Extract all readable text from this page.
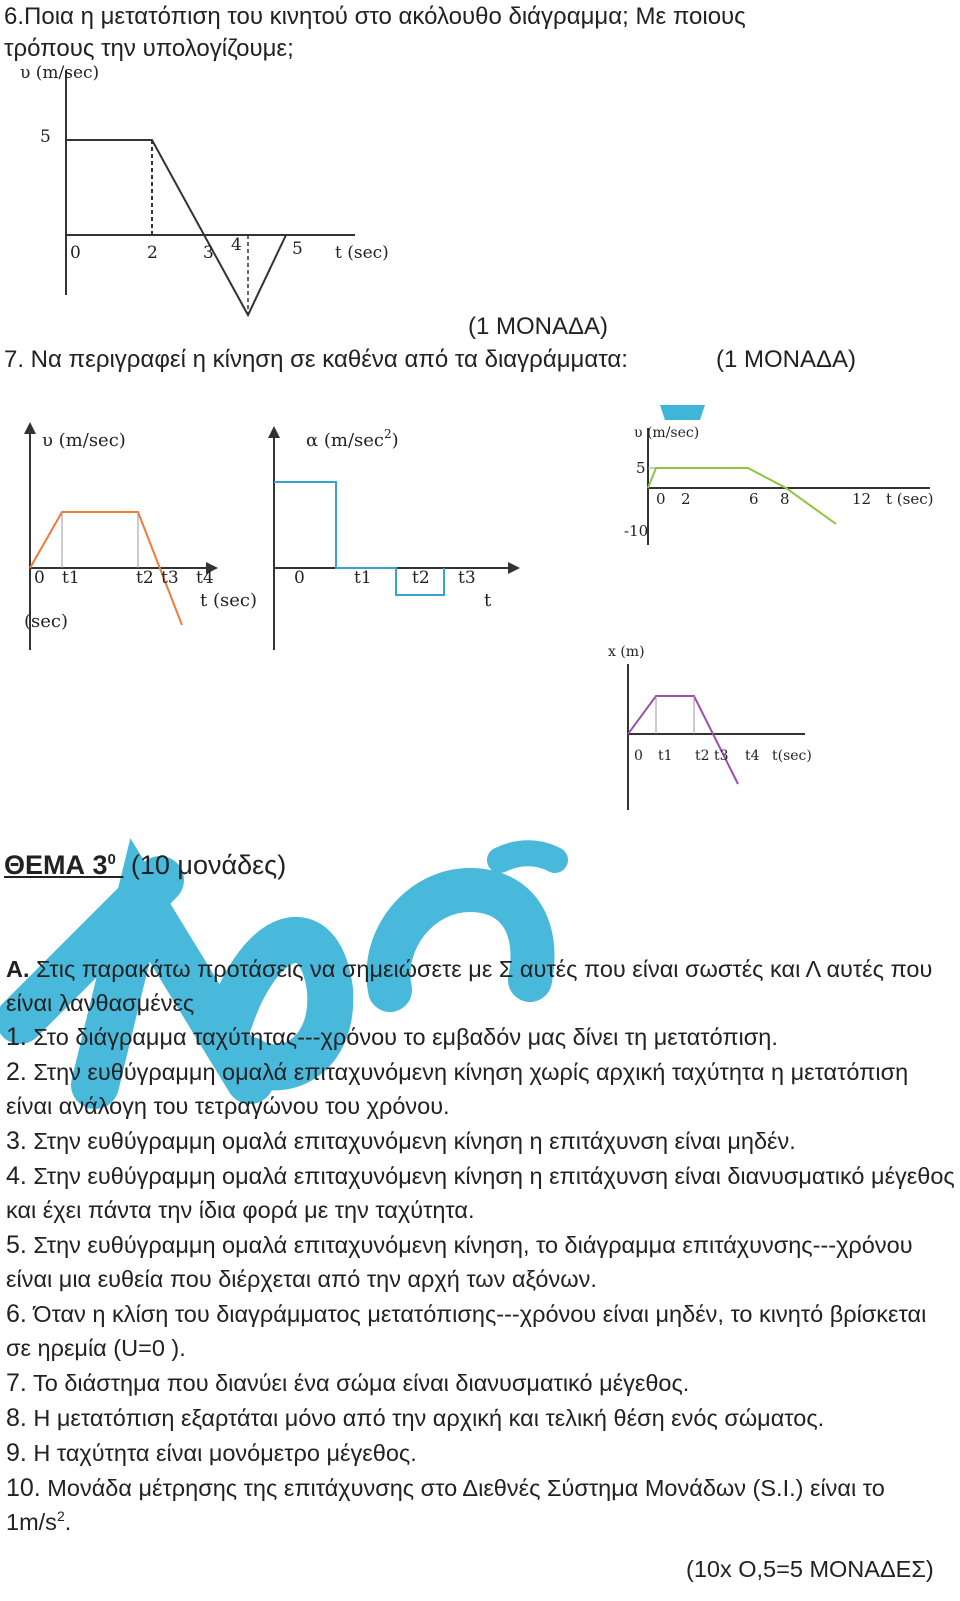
6.Ποια η μετατόπιση του κινητού στο ακόλουθο διάγραμμα; Με ποιους
τρόπους την υπολογίζουμε;
υ (m/sec)
5
0	2	3 4	5 t (sec)
(1 ΜΟΝΑΔΑ)
7. Να περιγραφεί η κίνηση σε καθένα από τα διαγράμματα:	(1 ΜΟΝΑΔΑ)
υ (m/sec)
0 t1	t2 t3 t4
t (sec)
(sec)
α $(m/\sec^2)$
0	t1 t2 t3
t
υ (m/sec)
5
-10
0 2	6 8	12 t (sec)
x (m)
0 t1 t2 t3 t4 t(sec)
ΘΕΜΑ $3^0$ (10 μονάδες)
Α. Στις παρακάτω προτάσεις να σημειώσετε με Σ αυτές που είναι σωστές και Λ αυτές που είναι λανθασμένες
1. Στο διάγραμμα ταχύτητας---χρόνου το εμβαδόν μας δίνει τη μετατόπιση.
2. Στην ευθύγραμμη ομαλά επιταχυνόμενη κίνηση χωρίς αρχική ταχύτητα η μετατόπιση είναι ανάλογη του τετραγώνου του χρόνου.
3. Στην ευθύγραμμη ομαλά επιταχυνόμενη κίνηση η επιτάχυνση είναι μηδέν.
4. Στην ευθύγραμμη ομαλά επιταχυνόμενη κίνηση η επιτάχυνση είναι διανυσματικό μέγεθος και έχει πάντα την ίδια φορά με την ταχύτητα.
5. Στην ευθύγραμμη ομαλά επιταχυνόμενη κίνηση, το διάγραμμα επιτάχυνσης---χρόνου είναι μια ευθεία που διέρχεται από την αρχή των αξόνων.
6. Όταν η κλίση του διαγράμματος μετατόπισης---χρόνου είναι μηδέν, το κινητό βρίσκεται σε ηρεμία (U=0 ).
7. Το διάστημα που διανύει ένα σώμα είναι διανυσματικό μέγεθος.
8. Η μετατόπιση εξαρτάται μόνο από την αρχική και τελική θέση ενός σώματος.
9. Η ταχύτητα είναι μονόμετρο μέγεθος.
10. Μονάδα μέτρησης της επιτάχυνσης στο Διεθνές Σύστημα Μονάδων (S.I.) είναι το $1m/s^2$.
(10x O,5=5 ΜΟΝΑΔΕΣ)
